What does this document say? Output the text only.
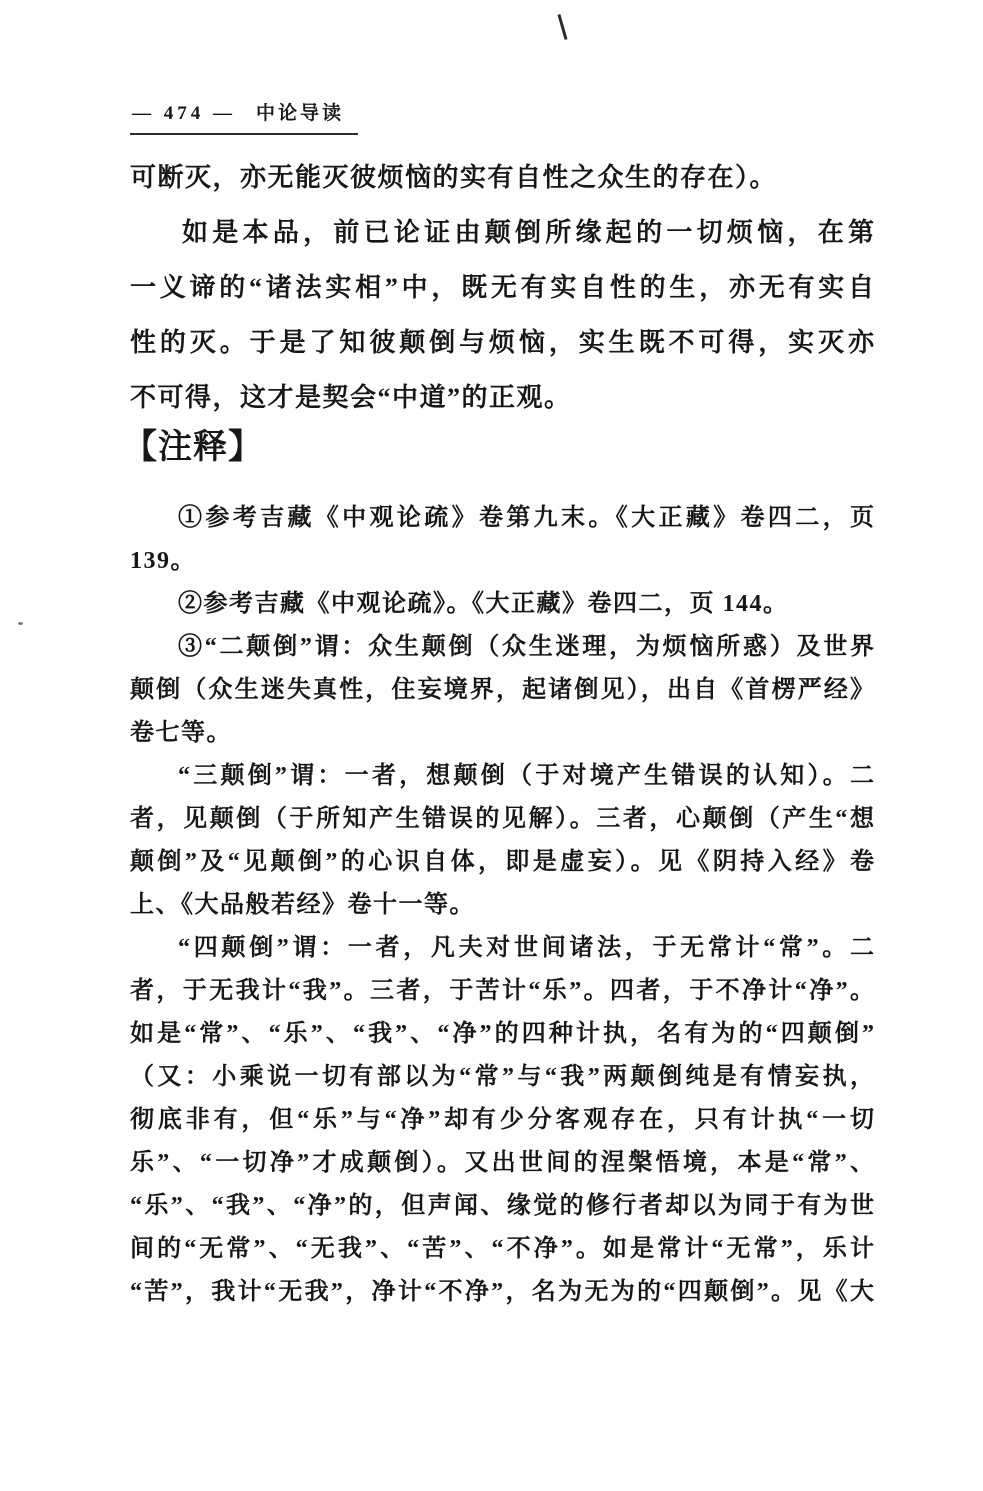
— 474 — 中论导读
可断灭，亦无能灭彼烦恼的实有自性之众生的存在）。
如是本品，前已论证由颠倒所缘起的一切烦恼，在第
一义谛的“诸法实相”中，既无有实自性的生，亦无有实自
性的灭。于是了知彼颠倒与烦恼，实生既不可得，实灭亦
不可得，这才是契会“中道”的正观。
【注释】
①参考吉藏《中观论疏》卷第九末。《大正藏》卷四二，页
139。
②参考吉藏《中观论疏》。《大正藏》卷四二，页 144。
③“二颠倒”谓：众生颠倒（众生迷理，为烦恼所惑）及世界
颠倒（众生迷失真性，住妄境界，起诸倒见），出自《首楞严经》
卷七等。
“三颠倒”谓：一者，想颠倒（于对境产生错误的认知）。二
者，见颠倒（于所知产生错误的见解）。三者，心颠倒（产生“想
颠倒”及“见颠倒”的心识自体，即是虚妄）。见《阴持入经》卷
上、《大品般若经》卷十一等。
“四颠倒”谓：一者，凡夫对世间诸法，于无常计“常”。二
者，于无我计“我”。三者，于苦计“乐”。四者，于不净计“净”。
如是“常”、“乐”、“我”、“净”的四种计执，名有为的“四颠倒”
（又：小乘说一切有部以为“常”与“我”两颠倒纯是有情妄执，
彻底非有，但“乐”与“净”却有少分客观存在，只有计执“一切
乐”、“一切净”才成颠倒）。又出世间的涅槃悟境，本是“常”、
“乐”、“我”、“净”的，但声闻、缘觉的修行者却以为同于有为世
间的“无常”、“无我”、“苦”、“不净”。如是常计“无常”，乐计
“苦”，我计“无我”，净计“不净”，名为无为的“四颠倒”。见《大
